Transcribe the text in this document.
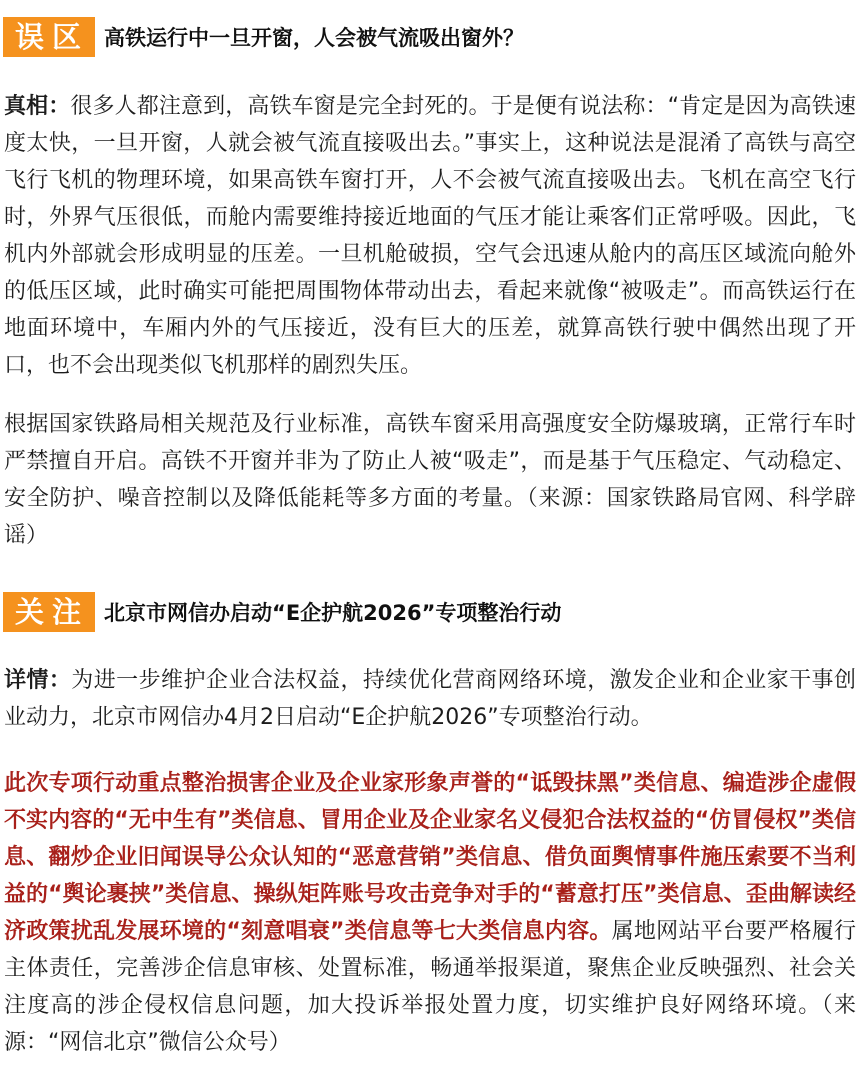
误区 高铁运行中一旦开窗，人会被气流吸出窗外？

真相：很多人都注意到，高铁车窗是完全封死的。于是便有说法称：“肯定是因为高铁速度太快，一旦开窗，人就会被气流直接吸出去。”事实上，这种说法是混淆了高铁与高空飞行飞机的物理环境，如果高铁车窗打开，人不会被气流直接吸出去。飞机在高空飞行时，外界气压很低，而舱内需要维持接近地面的气压才能让乘客们正常呼吸。因此，飞机内外部就会形成明显的压差。一旦机舱破损，空气会迅速从舱内的高压区域流向舱外的低压区域，此时确实可能把周围物体带动出去，看起来就像“被吸走”。而高铁运行在地面环境中，车厢内外的气压接近，没有巨大的压差，就算高铁行驶中偶然出现了开口，也不会出现类似飞机那样的剧烈失压。

根据国家铁路局相关规范及行业标准，高铁车窗采用高强度安全防爆玻璃，正常行车时严禁擅自开启。高铁不开窗并非为了防止人被“吸走”，而是基于气压稳定、气动稳定、安全防护、噪音控制以及降低能耗等多方面的考量。（来源：国家铁路局官网、科学辟谣）

关注 北京市网信办启动“E企护航2026”专项整治行动

详情：为进一步维护企业合法权益，持续优化营商网络环境，激发企业和企业家干事创业动力，北京市网信办4月2日启动“E企护航2026”专项整治行动。

此次专项行动重点整治损害企业及企业家形象声誉的“诋毁抹黑”类信息、编造涉企虚假不实内容的“无中生有”类信息、冒用企业及企业家名义侵犯合法权益的“仿冒侵权”类信息、翻炒企业旧闻误导公众认知的“恶意营销”类信息、借负面舆情事件施压索要不当利益的“舆论裹挟”类信息、操纵矩阵账号攻击竞争对手的“蓄意打压”类信息、歪曲解读经济政策扰乱发展环境的“刻意唱衰”类信息等七大类信息内容。属地网站平台要严格履行主体责任，完善涉企信息审核、处置标准，畅通举报渠道，聚焦企业反映强烈、社会关注度高的涉企侵权信息问题，加大投诉举报处置力度，切实维护良好网络环境。（来源：“网信北京”微信公众号）
